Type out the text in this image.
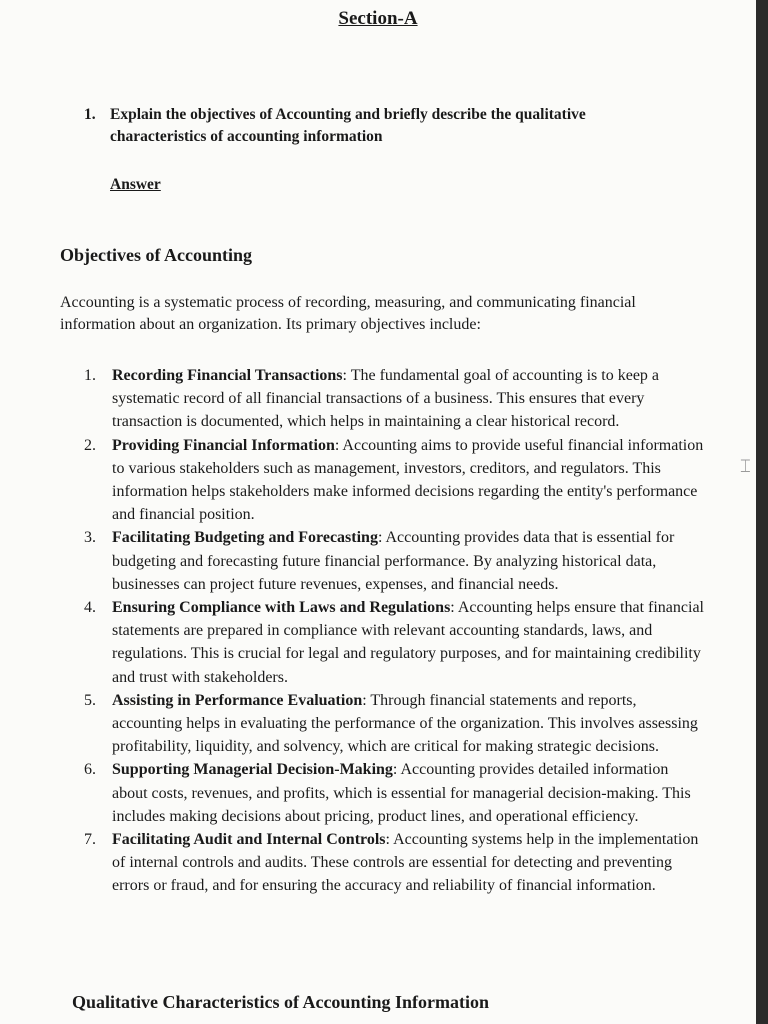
Section-A
1. Explain the objectives of Accounting and briefly describe the qualitative characteristics of accounting information
Answer
Objectives of Accounting
Accounting is a systematic process of recording, measuring, and communicating financial information about an organization. Its primary objectives include:
1.	Recording Financial Transactions: The fundamental goal of accounting is to keep a systematic record of all financial transactions of a business. This ensures that every transaction is documented, which helps in maintaining a clear historical record.
2.	Providing Financial Information: Accounting aims to provide useful financial information to various stakeholders such as management, investors, creditors, and regulators. This information helps stakeholders make informed decisions regarding the entity's performance and financial position.
3.	Facilitating Budgeting and Forecasting: Accounting provides data that is essential for budgeting and forecasting future financial performance. By analyzing historical data, businesses can project future revenues, expenses, and financial needs.
4.	Ensuring Compliance with Laws and Regulations: Accounting helps ensure that financial statements are prepared in compliance with relevant accounting standards, laws, and regulations. This is crucial for legal and regulatory purposes, and for maintaining credibility and trust with stakeholders.
5.	Assisting in Performance Evaluation: Through financial statements and reports, accounting helps in evaluating the performance of the organization. This involves assessing profitability, liquidity, and solvency, which are critical for making strategic decisions.
6.	Supporting Managerial Decision-Making: Accounting provides detailed information about costs, revenues, and profits, which is essential for managerial decision-making. This includes making decisions about pricing, product lines, and operational efficiency.
7.	Facilitating Audit and Internal Controls: Accounting systems help in the implementation of internal controls and audits. These controls are essential for detecting and preventing errors or fraud, and for ensuring the accuracy and reliability of financial information.
Qualitative Characteristics of Accounting Information
⌶
